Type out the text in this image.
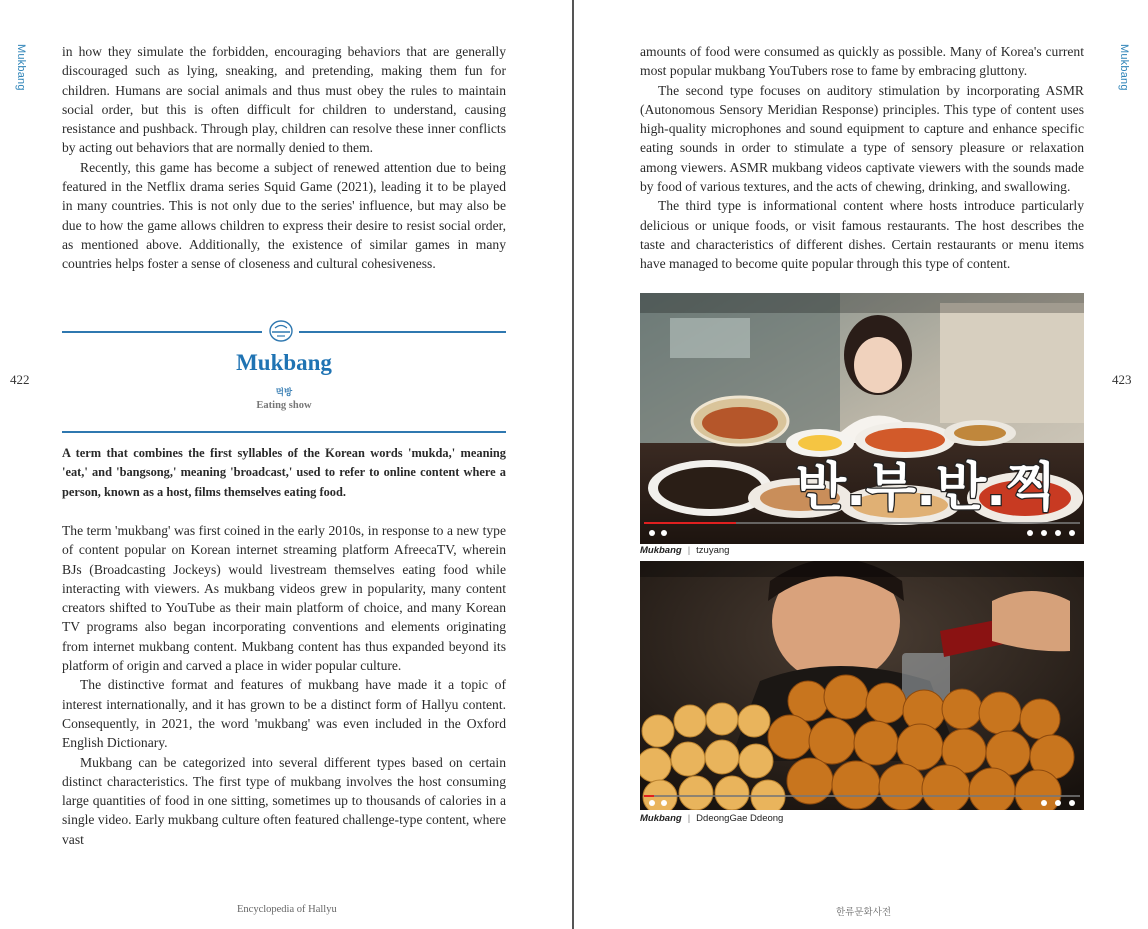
Mukbang
422

in how they simulate the forbidden, encouraging behaviors that are generally discouraged such as lying, sneaking, and pretending, making them fun for children. Humans are social animals and thus must obey the rules to maintain social order, but this is often difficult for children to understand, causing resistance and pushback. Through play, children can resolve these inner conflicts by acting out behaviors that are normally denied to them.

Recently, this game has become a subject of renewed attention due to being featured in the Netflix drama series Squid Game (2021), leading it to be played in many countries. This is not only due to the series' influence, but may also be due to how the game allows children to express their desire to resist social order, as mentioned above. Additionally, the existence of similar games in many countries helps foster a sense of closeness and cultural cohesiveness.

Mukbang
먹방
Eating show
A term that combines the first syllables of the Korean words 'mukda,' meaning 'eat,' and 'bangsong,' meaning 'broadcast,' used to refer to online content where a person, known as a host, films themselves eating food.

The term 'mukbang' was first coined in the early 2010s, in response to a new type of content popular on Korean internet streaming platform AfreecaTV, wherein BJs (Broadcasting Jockeys) would livestream themselves eating food while interacting with viewers. As mukbang videos grew in popularity, many content creators shifted to YouTube as their main platform of choice, and many Korean TV programs also began incorporating conventions and elements originating from internet mukbang content. Mukbang content has thus expanded beyond its platform of origin and carved a place in wider popular culture.

The distinctive format and features of mukbang have made it a topic of interest internationally, and it has grown to be a distinct form of Hallyu content. Consequently, in 2021, the word 'mukbang' was even included in the Oxford English Dictionary.

Mukbang can be categorized into several different types based on certain distinct characteristics. The first type of mukbang involves the host consuming large quantities of food in one sitting, sometimes up to thousands of calories in a single video. Early mukbang culture often featured challenge-type content, where vast

Encyclopedia of Hallyu
Mukbang
423

amounts of food were consumed as quickly as possible. Many of Korea's current most popular mukbang YouTubers rose to fame by embracing gluttony.

The second type focuses on auditory stimulation by incorporating ASMR (Autonomous Sensory Meridian Response) principles. This type of content uses high-quality microphones and sound equipment to capture and enhance specific eating sounds in order to stimulate a type of sensory pleasure or relaxation among viewers. ASMR mukbang videos captivate viewers with the sounds made by food of various textures, and the acts of chewing, drinking, and swallowing.

The third type is informational content where hosts introduce particularly delicious or unique foods, or visit famous restaurants. The host describes the taste and characteristics of different dishes. Certain restaurants or menu items have managed to become quite popular through this type of content.

반.부.반.찍
Mukbang | tzuyang
Mukbang | DdeongGae Ddeong
한류문화사전
